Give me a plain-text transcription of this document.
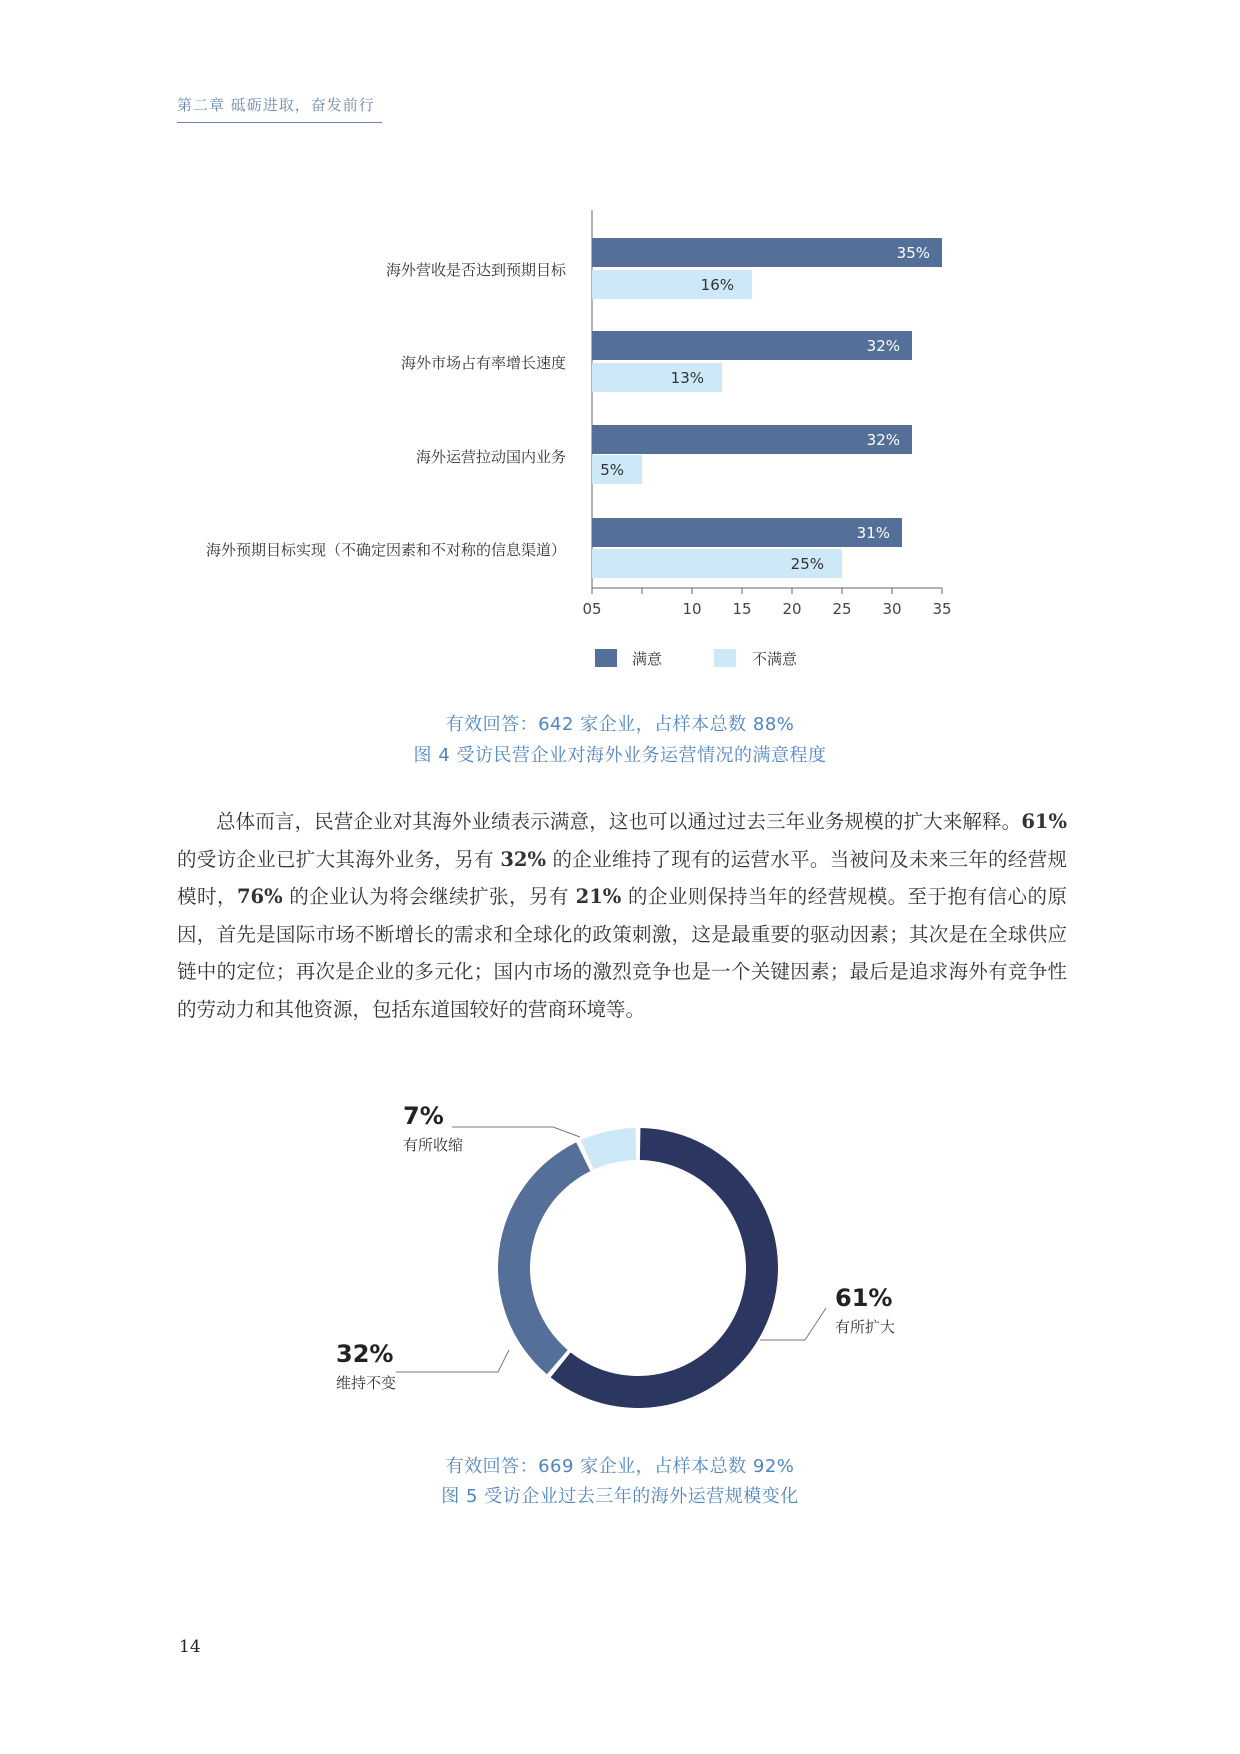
第二章 砥砺进取，奋发前行
05	10 15 20 25 30 35
海外营收是否达到预期目标
35%
16%
海外市场占有率增长速度
32%
13%
海外运营拉动国内业务
32%
5%
海外预期目标实现（不确定因素和不对称的信息渠道）
31%
25%
满意	不满意
有效回答：642 家企业，占样本总数 88%
图 4 受访民营企业对海外业务运营情况的满意程度
总体而言，民营企业对其海外业绩表示满意，这也可以通过过去三年业务规模的扩大来解释。61% 的受访企业已扩大其海外业务，另有 32% 的企业维持了现有的运营水平。当被问及未来三年的经营规模时，76% 的企业认为将会继续扩张，另有 21% 的企业则保持当年的经营规模。至于抱有信心的原因，首先是国际市场不断增长的需求和全球化的政策刺激，这是最重要的驱动因素；其次是在全球供应链中的定位；再次是企业的多元化；国内市场的激烈竞争也是一个关键因素；最后是追求海外有竞争性的劳动力和其他资源，包括东道国较好的营商环境等。
61%
有所扩大
32%
维持不变
7%
有所收缩
有效回答：669 家企业，占样本总数 92%
图 5 受访企业过去三年的海外运营规模变化
14
